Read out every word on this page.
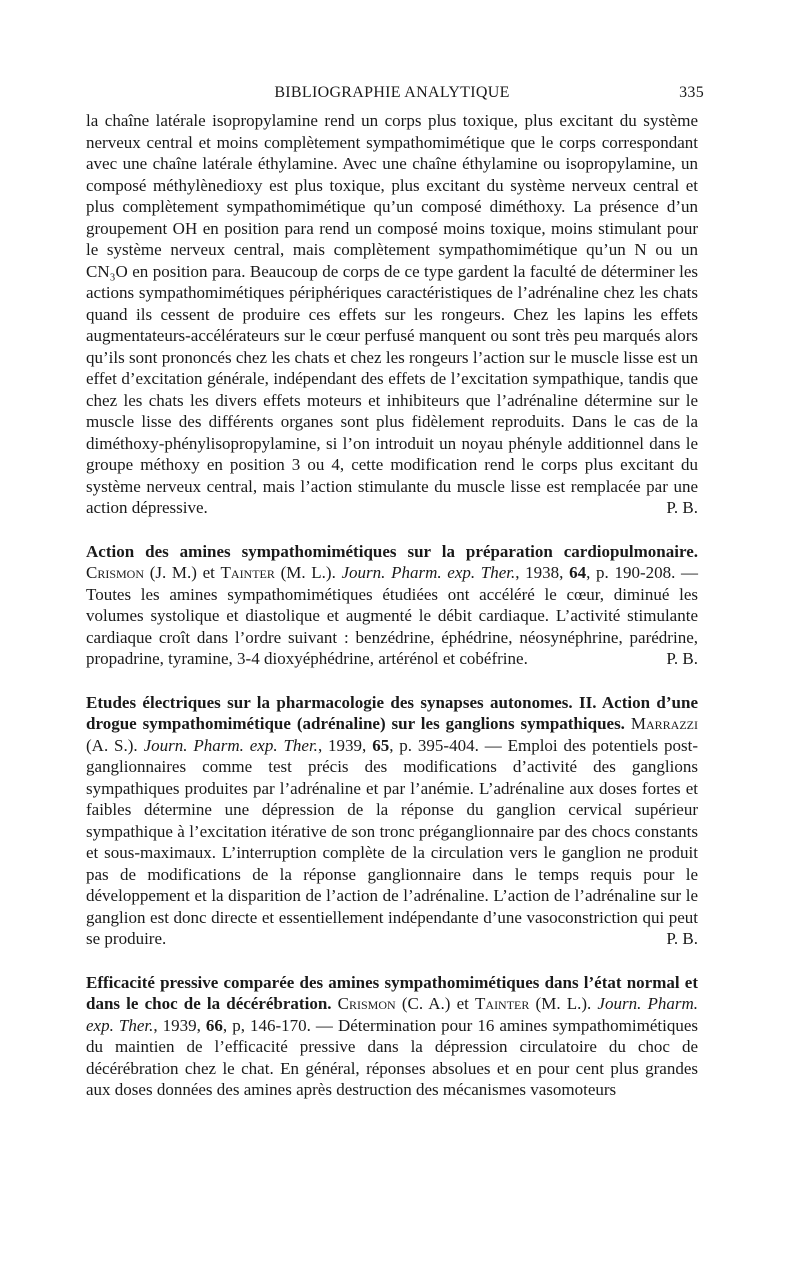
BIBLIOGRAPHIE ANALYTIQUE	335

la chaîne latérale isopropylamine rend un corps plus toxique, plus excitant du système nerveux central et moins complètement sympathomimétique que le corps correspondant avec une chaîne latérale éthylamine. Avec une chaîne éthylamine ou isopropylamine, un composé méthylènedioxy est plus toxique, plus excitant du système nerveux central et plus complètement sympathomimétique qu’un composé diméthoxy. La présence d’un groupement OH en position para rend un composé moins toxique, moins stimulant pour le système nerveux central, mais complètement sympathomimétique qu’un N ou un CN₃O en position para. Beaucoup de corps de ce type gardent la faculté de déterminer les actions sympathomimétiques périphériques caractéristiques de l’adrénaline chez les chats quand ils cessent de produire ces effets sur les rongeurs. Chez les lapins les effets augmentateurs-accélérateurs sur le cœur perfusé manquent ou sont très peu marqués alors qu’ils sont prononcés chez les chats et chez les rongeurs l’action sur le muscle lisse est un effet d’excitation générale, indépendant des effets de l’excitation sympathique, tandis que chez les chats les divers effets moteurs et inhibiteurs que l’adrénaline détermine sur le muscle lisse des différents organes sont plus fidèlement reproduits. Dans le cas de la diméthoxy-phénylisopropylamine, si l’on introduit un noyau phényle additionnel dans le groupe méthoxy en position 3 ou 4, cette modification rend le corps plus excitant du système nerveux central, mais l’action stimulante du muscle lisse est remplacée par une action dépressive.	P. B.

Action des amines sympathomimétiques sur la préparation cardiopulmonaire. Crismon (J. M.) et Tainter (M. L.). Journ. Pharm. exp. Ther., 1938, 64, p. 190-208. — Toutes les amines sympathomimétiques étudiées ont accéléré le cœur, diminué les volumes systolique et diastolique et augmenté le débit cardiaque. L’activité stimulante cardiaque croît dans l’ordre suivant : benzédrine, éphédrine, néosynéphrine, parédrine, propadrine, tyramine, 3-4 dioxyéphédrine, artérénol et cobéfrine.	P. B.

Etudes électriques sur la pharmacologie des synapses autonomes. II. Action d’une drogue sympathomimétique (adrénaline) sur les ganglions sympathiques. Marrazzi (A. S.). Journ. Pharm. exp. Ther., 1939, 65, p. 395-404. — Emploi des potentiels post-ganglionnaires comme test précis des modifications d’activité des ganglions sympathiques produites par l’adrénaline et par l’anémie. L’adrénaline aux doses fortes et faibles détermine une dépression de la réponse du ganglion cervical supérieur sympathique à l’excitation itérative de son tronc préganglionnaire par des chocs constants et sous-maximaux. L’interruption complète de la circulation vers le ganglion ne produit pas de modifications de la réponse ganglionnaire dans le temps requis pour le développement et la disparition de l’action de l’adrénaline. L’action de l’adrénaline sur le ganglion est donc directe et essentiellement indépendante d’une vasoconstriction qui peut se produire.	P. B.

Efficacité pressive comparée des amines sympathomimétiques dans l’état normal et dans le choc de la décérébration. Crismon (C. A.) et Tainter (M. L.). Journ. Pharm. exp. Ther., 1939, 66, p, 146-170. — Détermination pour 16 amines sympathomimétiques du maintien de l’efficacité pressive dans la dépression circulatoire du choc de décérébration chez le chat. En général, réponses absolues et en pour cent plus grandes aux doses données des amines après destruction des mécanismes vasomoteurs
